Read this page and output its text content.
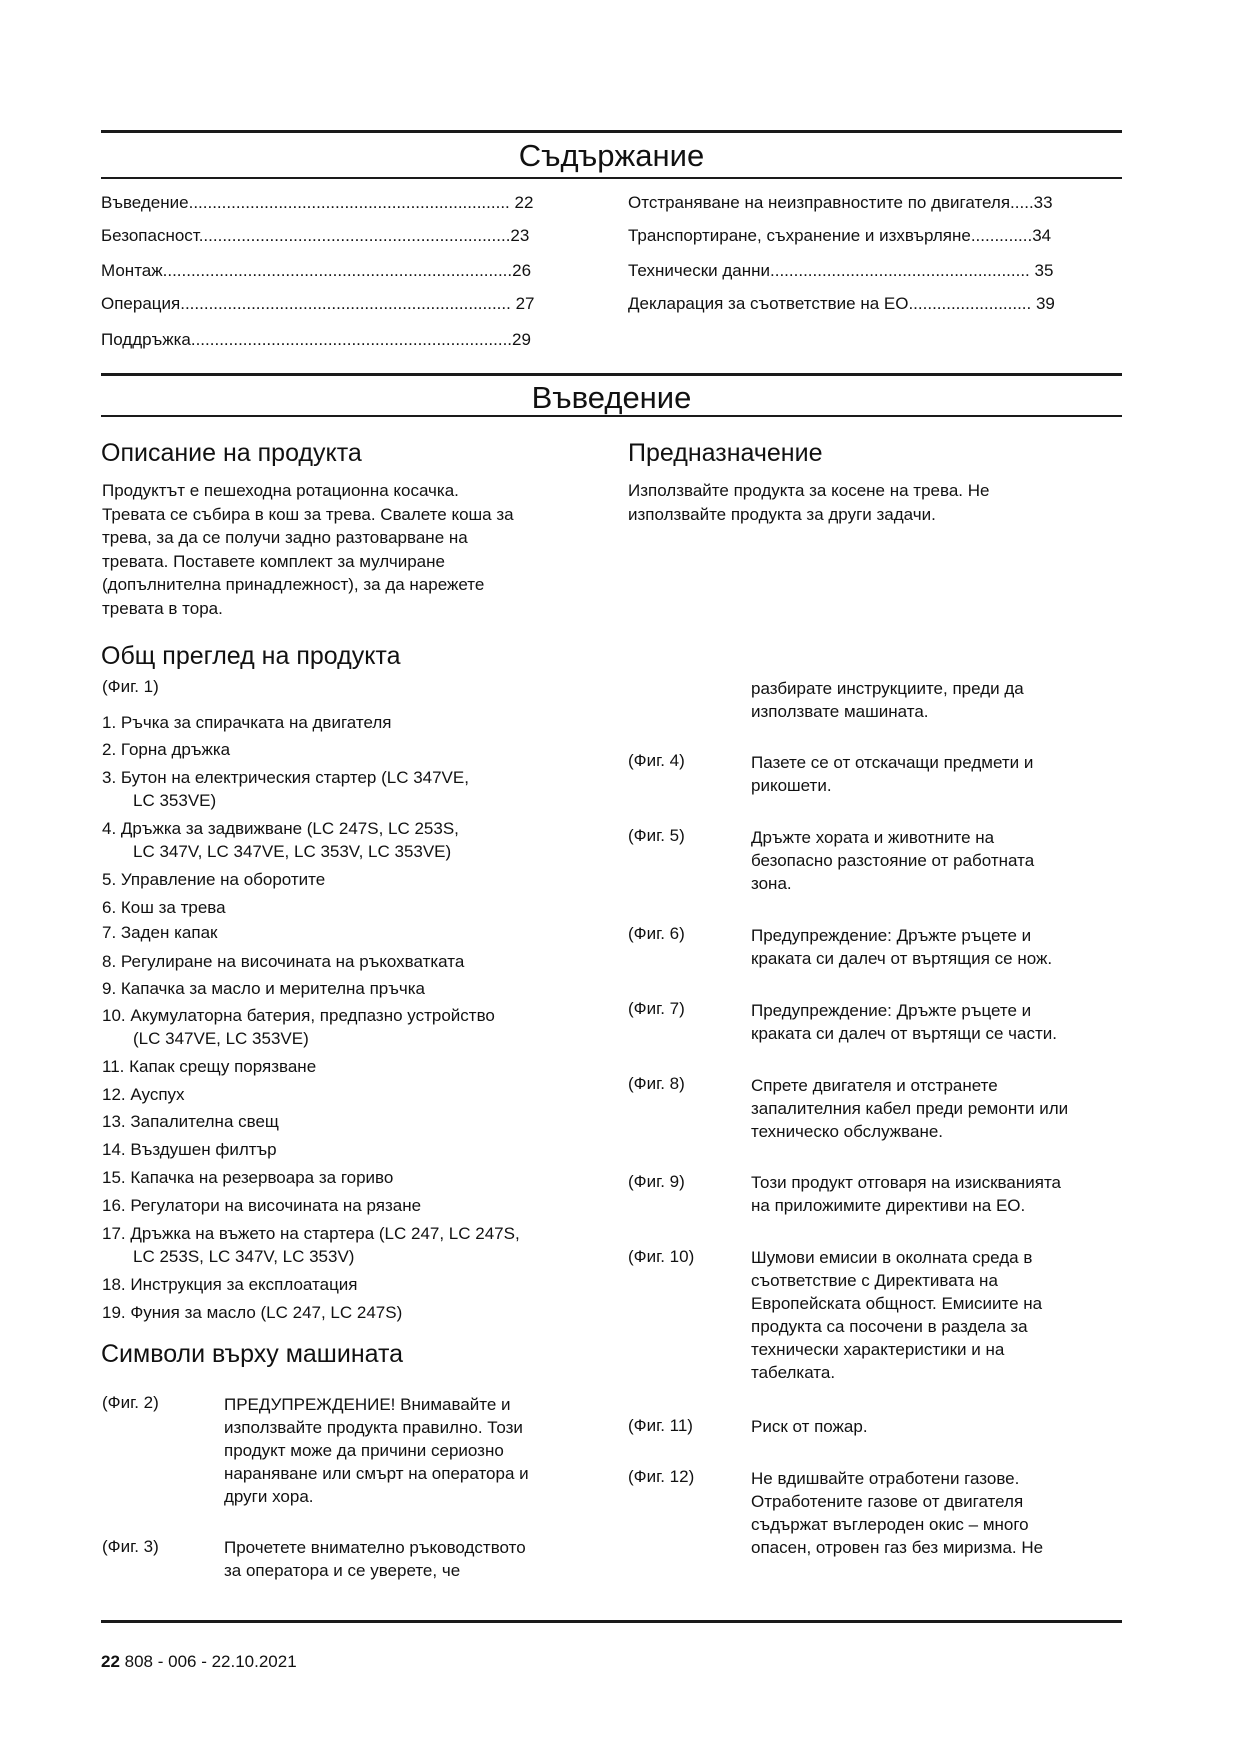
Съдържание
Въведение.................................................................... 22
Безопасност..................................................................23
Монтаж..........................................................................26
Операция...................................................................... 27
Поддръжка....................................................................29
Отстраняване на неизправностите по двигателя.....33
Транспортиране, съхранение и изхвърляне.............34
Технически данни....................................................... 35
Декларация за съответствие на ЕО.......................... 39
Въведение
Описание на продукта
Продуктът е пешеходна ротационна косачка.
Тревата се събира в кош за трева. Свалете коша за
трева, за да се получи задно разтоварване на
тревата. Поставете комплект за мулчиране
(допълнителна принадлежност), за да нарежете
тревата в тора.
Предназначение
Използвайте продукта за косене на трева. Не
използвайте продукта за други задачи.
Общ преглед на продукта
(Фиг. 1)
1. Ръчка за спирачката на двигателя
2. Горна дръжка
3. Бутон на електрическия стартер (LC 347VE,
LC 353VE)
4. Дръжка за задвижване (LC 247S, LC 253S,
LC 347V, LC 347VE, LC 353V, LC 353VE)
5. Управление на оборотите
6. Кош за трева
7. Заден капак
8. Регулиране на височината на ръкохватката
9. Капачка за масло и мерителна пръчка
10. Акумулаторна батерия, предпазно устройство
(LC 347VE, LC 353VE)
11. Капак срещу порязване
12. Ауспух
13. Запалителна свещ
14. Въздушен филтър
15. Капачка на резервоара за гориво
16. Регулатори на височината на рязане
17. Дръжка на въжето на стартера (LC 247, LC 247S,
LC 253S, LC 347V, LC 353V)
18. Инструкция за експлоатация
19. Фуния за масло (LC 247, LC 247S)
Символи върху машината
(Фиг. 2)	ПРЕДУПРЕЖДЕНИЕ! Внимавайте и
използвайте продукта правилно. Този
продукт може да причини сериозно
нараняване или смърт на оператора и
други хора.
(Фиг. 3)	Прочетете внимателно ръководството
за оператора и се уверете, че
разбирате инструкциите, преди да
използвате машината.
(Фиг. 4)	Пазете се от отскачащи предмети и
рикошети.
(Фиг. 5)	Дръжте хората и животните на
безопасно разстояние от работната
зона.
(Фиг. 6)	Предупреждение: Дръжте ръцете и
краката си далеч от въртящия се нож.
(Фиг. 7)	Предупреждение: Дръжте ръцете и
краката си далеч от въртящи се части.
(Фиг. 8)	Спрете двигателя и отстранете
запалителния кабел преди ремонти или
техническо обслужване.
(Фиг. 9)	Този продукт отговаря на изискванията
на приложимите директиви на ЕО.
(Фиг. 10)	Шумови емисии в околната среда в
съответствие с Директивата на
Европейската общност. Емисиите на
продукта са посочени в раздела за
технически характеристики и на
табелката.
(Фиг. 11)	Риск от пожар.
(Фиг. 12)	Не вдишвайте отработени газове.
Отработените газове от двигателя
съдържат въглероден окис – много
опасен, отровен газ без миризма. Не
22 808 - 006 - 22.10.2021
